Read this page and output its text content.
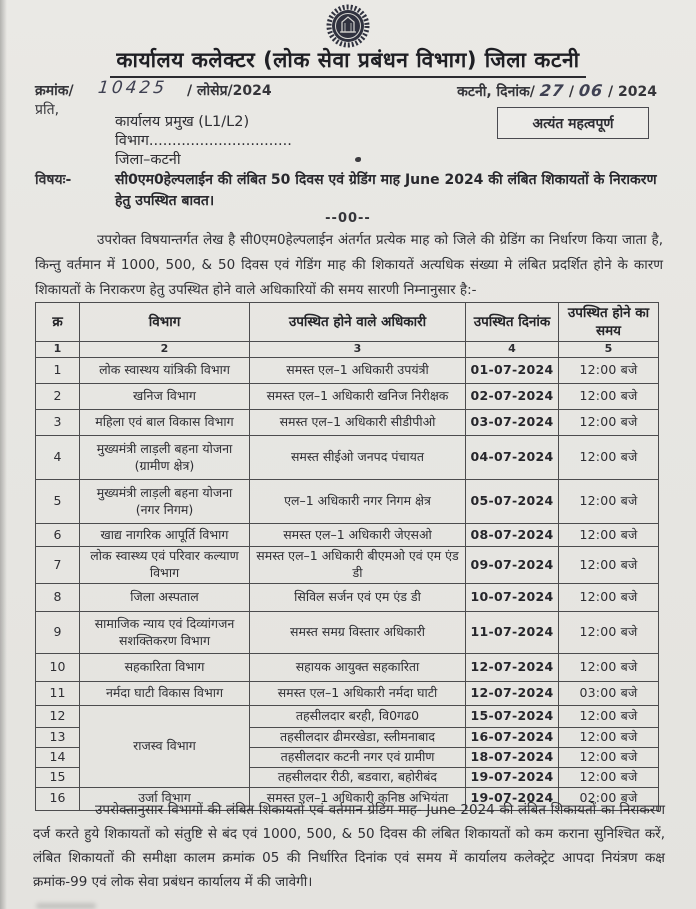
कार्यालय कलेक्टर (लोक सेवा प्रबंधन विभाग) जिला कटनी
क्रमांक/ 10425 / लोसेप्र/2024	कटनी, दिनांक/ 27 / 06 / 2024
प्रति,
कार्यालय प्रमुख (L1/L2)
विभाग...............................
जिला–कटनी
अत्यंत महत्वपूर्ण
विषयः-	सी0एम0हेल्पलाईन की लंबित 50 दिवस एवं ग्रेडिंग माह June 2024 की लंबित शिकायतों के निराकरण हेतु उपस्थित बावत।
--00--
उपरोक्त विषयान्तर्गत लेख है सी0एम0हेल्पलाईन अंतर्गत प्रत्येक माह को जिले की ग्रेडिंग का निर्धारण किया जाता है, किन्तु वर्तमान में 1000, 500, & 50 दिवस एवं गेडिंग माह की शिकायतें अत्यधिक संख्या मे लंबित प्रदर्शित होने के कारण शिकायतों के निराकरण हेतु उपस्थित होने वाले अधिकारियों की समय सारणी निम्नानुसार है:-
क्र	विभाग	उपस्थित होने वाले अधिकारी	उपस्थित दिनांक	उपस्थित होने का समय
1	2	3	4	5
1	लोक स्वास्थय यांत्रिकी विभाग	समस्त एल–1 अधिकारी उपयंत्री	01-07-2024	12:00 बजे
2	खनिज विभाग	समस्त एल–1 अधिकारी खनिज निरीक्षक	02-07-2024	12:00 बजे
3	महिला एवं बाल विकास विभाग	समस्त एल–1 अधिकारी सीडीपीओ	03-07-2024	12:00 बजे
4	मुख्यमंत्री लाड़ली बहना योजना (ग्रामीण क्षेत्र)	समस्त सीईओ जनपद पंचायत	04-07-2024	12:00 बजे
5	मुख्यमंत्री लाड़ली बहना योजना (नगर निगम)	एल–1 अधिकारी नगर निगम क्षेत्र	05-07-2024	12:00 बजे
6	खाद्य नागरिक आपूर्ति विभाग	समस्त एल–1 अधिकारी जेएसओ	08-07-2024	12:00 बजे
7	लोक स्वास्थ्य एवं परिवार कल्याण विभाग	समस्त एल–1 अधिकारी बीएमओ एवं एम एंड डी	09-07-2024	12:00 बजे
8	जिला अस्पताल	सिविल सर्जन एवं एम एंड डी	10-07-2024	12:00 बजे
9	सामाजिक न्याय एवं दिव्यांगजन सशक्तिकरण विभाग	समस्त समग्र विस्तार अधिकारी	11-07-2024	12:00 बजे
10	सहकारिता विभाग	सहायक आयुक्त सहकारिता	12-07-2024	12:00 बजे
11	नर्मदा घाटी विकास विभाग	समस्त एल–1 अधिकारी नर्मदा घाटी	12-07-2024	03:00 बजे
12	राजस्व विभाग	तहसीलदार बरही, वि0गढ0	15-07-2024	12:00 बजे
13		तहसीलदार ढीमरखेडा, स्लीमनाबाद	16-07-2024	12:00 बजे
14		तहसीलदार कटनी नगर एवं ग्रामीण	18-07-2024	12:00 बजे
15		तहसीलदार रीठी, बडवारा, बहोरीबंद	19-07-2024	12:00 बजे
16	उर्जा विभाग	समस्त एल–1 अधिकारी कनिष्ठ अभियंता	19-07-2024	02:00 बजे
उपरोक्तानुसार विभागों की लंबित शिकायतों एवं वर्तमान ग्रेडिंग माह- June 2024 की लंबित शिकायतों का निराकरण दर्ज करते हुये शिकायतों को संतुष्टि से बंद एवं 1000, 500, & 50 दिवस की लंबित शिकायतों को कम कराना सुनिश्चित करें, लंबित शिकायतों की समीक्षा कालम क्रमांक 05 की निर्धारित दिनांक एवं समय में कार्यालय कलेक्ट्रेट आपदा नियंत्रण कक्ष क्रमांक-99 एवं लोक सेवा प्रबंधन कार्यालय में की जावेगी।
